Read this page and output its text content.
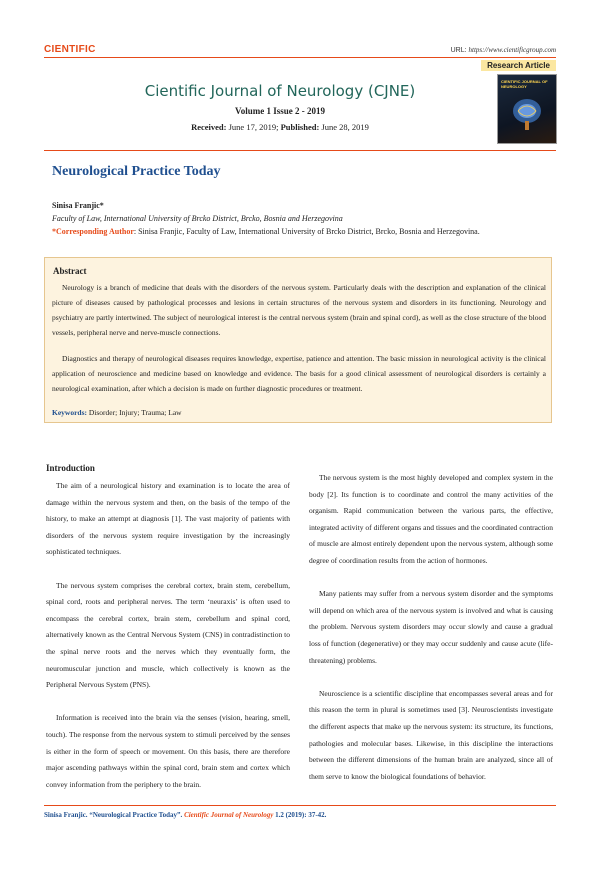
CIENTIFIC	URL: https://www.cientificgroup.com
Research Article
Cientific Journal of Neurology (CJNE)
Volume 1 Issue 2 - 2019
Received: June 17, 2019; Published: June 28, 2019
CIENTIFIC JOURNAL OF NEUROLOGY
Neurological Practice Today
Sinisa Franjic*
Faculty of Law, International University of Brcko District, Brcko, Bosnia and Herzegovina
*Corresponding Author: Sinisa Franjic, Faculty of Law, International University of Brcko District, Brcko, Bosnia and Herzegovina.
Abstract

Neurology is a branch of medicine that deals with the disorders of the nervous system. Particularly deals with the description and explanation of the clinical picture of diseases caused by pathological processes and lesions in certain structures of the nervous system and disorders in its functioning. Neurology and psychiatry are partly intertwined. The subject of neurological interest is the central nervous system (brain and spinal cord), as well as the close structure of the blood vessels, peripheral nerve and nerve-muscle connections.

Diagnostics and therapy of neurological diseases requires knowledge, expertise, patience and attention. The basic mission in neurological activity is the clinical application of neuroscience and medicine based on knowledge and evidence. The basis for a good clinical assessment of neurological disorders is certainly a neurological examination, after which a decision is made on further diagnostic procedures or treatment.

Keywords: Disorder; Injury; Trauma; Law
Introduction

The aim of a neurological history and examination is to locate the area of damage within the nervous system and then, on the basis of the tempo of the history, to make an attempt at diagnosis [1]. The vast majority of patients with disorders of the nervous system require investigation by the increasingly sophisticated techniques.

The nervous system comprises the cerebral cortex, brain stem, cerebellum, spinal cord, roots and peripheral nerves. The term ‘neuraxis’ is often used to encompass the cerebral cortex, brain stem, cerebellum and spinal cord, alternatively known as the Central Nervous System (CNS) in contradistinction to the spinal nerve roots and the nerves which they eventually form, the neuromuscular junction and muscle, which collectively is known as the Peripheral Nervous System (PNS).

Information is received into the brain via the senses (vision, hearing, smell, touch). The response from the nervous system to stimuli perceived by the senses is either in the form of speech or movement. On this basis, there are therefore major ascending pathways within the spinal cord, brain stem and cortex which convey information from the periphery to the brain.

The nervous system is the most highly developed and complex system in the body [2]. Its function is to coordinate and control the many activities of the organism. Rapid communication between the various parts, the effective, integrated activity of different organs and tissues and the coordinated contraction of muscle are almost entirely dependent upon the nervous system, although some degree of coordination results from the action of hormones.

Many patients may suffer from a nervous system disorder and the symptoms will depend on which area of the nervous system is involved and what is causing the problem. Nervous system disorders may occur slowly and cause a gradual loss of function (degenerative) or they may occur suddenly and cause acute (life-threatening) problems.

Neuroscience is a scientific discipline that encompasses several areas and for this reason the term in plural is sometimes used [3]. Neuroscientists investigate the different aspects that make up the nervous system: its structure, its functions, pathologies and molecular bases. Likewise, in this discipline the interactions between the different dimensions of the human brain are analyzed, since all of them serve to know the biological foundations of behavior.

Sinisa Franjic. “Neurological Practice Today”. Cientific Journal of Neurology 1.2 (2019): 37-42.
